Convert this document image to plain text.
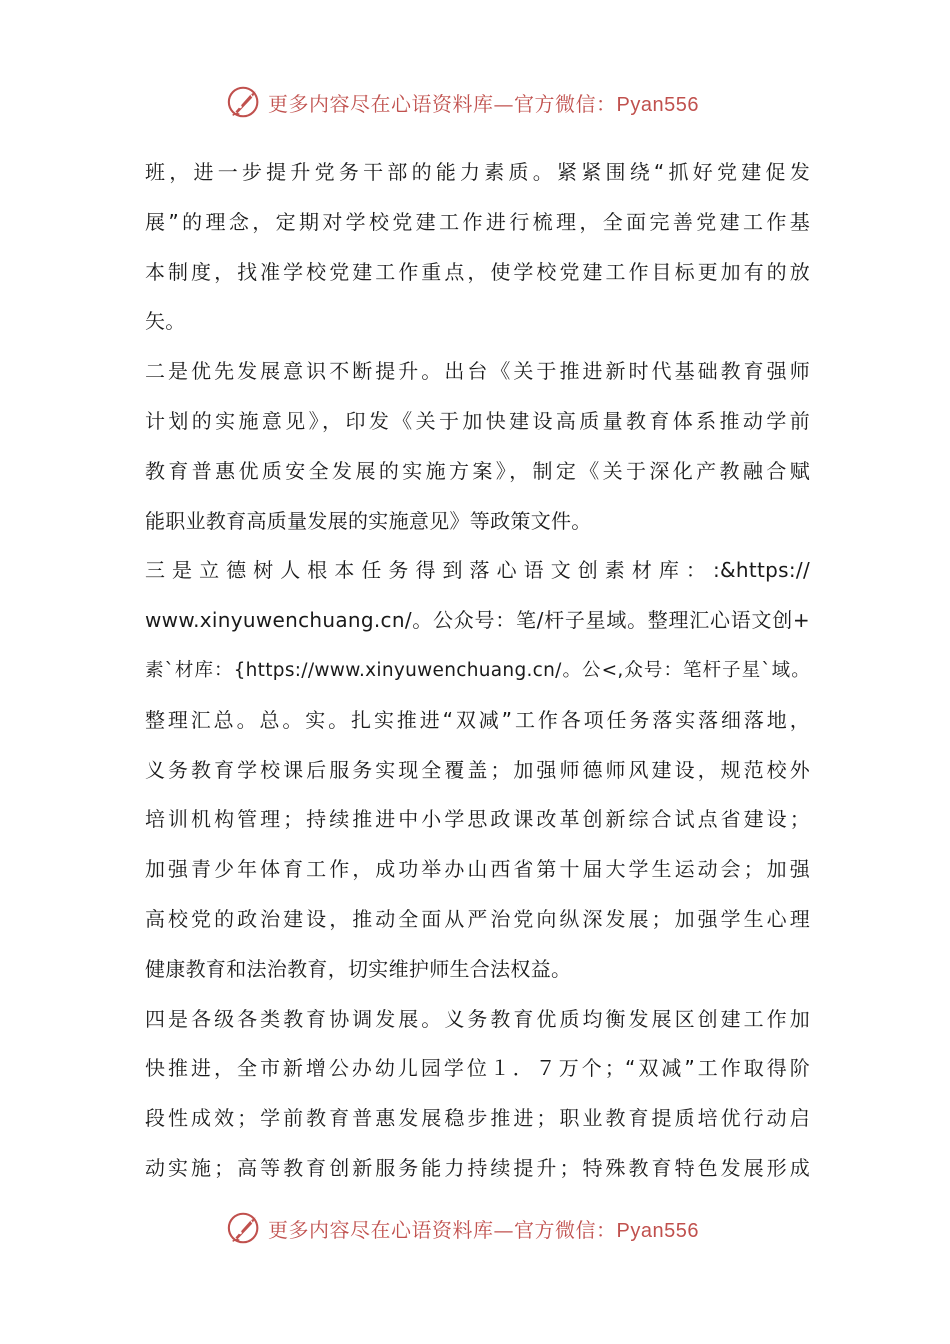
更多内容尽在心语资料库—官方微信：Pyan556
班，进一步提升党务干部的能力素质。紧紧围绕“抓好党建促发
展”的理念，定期对学校党建工作进行梳理，全面完善党建工作基
本制度，找准学校党建工作重点，使学校党建工作目标更加有的放
矢。
二是优先发展意识不断提升。出台《关于推进新时代基础教育强师
计划的实施意见》，印发《关于加快建设高质量教育体系推动学前
教育普惠优质安全发展的实施方案》，制定《关于深化产教融合赋
能职业教育高质量发展的实施意见》等政策文件。
三是立德树人根本任务得到落心语文创素材库：:&https://
www.xinyuwenchuang.cn/。公众号：笔/杆子星域。整理汇心语文创+
素`材库：{https://www.xinyuwenchuang.cn/。公<,众号：笔杆子星`域。
整理汇总。总。实。扎实推进“双减”工作各项任务落实落细落地，
义务教育学校课后服务实现全覆盖；加强师德师风建设，规范校外
培训机构管理；持续推进中小学思政课改革创新综合试点省建设；
加强青少年体育工作，成功举办山西省第十届大学生运动会；加强
高校党的政治建设，推动全面从严治党向纵深发展；加强学生心理
健康教育和法治教育，切实维护师生合法权益。
四是各级各类教育协调发展。义务教育优质均衡发展区创建工作加
快推进，全市新增公办幼儿园学位１．７万个；“双减”工作取得阶
段性成效；学前教育普惠发展稳步推进；职业教育提质培优行动启
动实施；高等教育创新服务能力持续提升；特殊教育特色发展形成
更多内容尽在心语资料库—官方微信：Pyan556
